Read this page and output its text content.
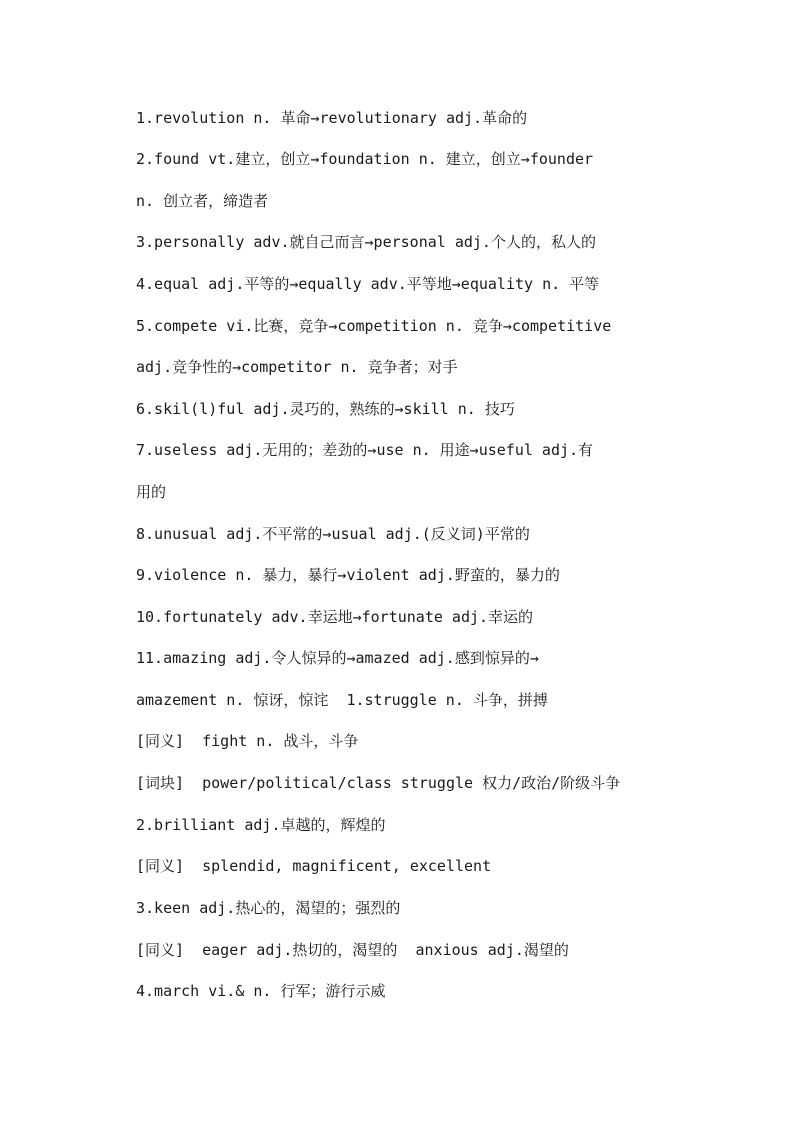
1.revolution n. 革命→revolutionary adj.革命的
2.found vt.建立，创立→foundation n. 建立，创立→founder
n. 创立者，缔造者
3.personally adv.就自己而言→personal adj.个人的，私人的
4.equal adj.平等的→equally adv.平等地→equality n. 平等
5.compete vi.比赛，竞争→competition n. 竞争→competitive
adj.竞争性的→competitor n. 竞争者；对手
6.skil(l)ful adj.灵巧的，熟练的→skill n. 技巧
7.useless adj.无用的；差劲的→use n. 用途→useful adj.有
用的
8.unusual adj.不平常的→usual adj.(反义词)平常的
9.violence n. 暴力，暴行→violent adj.野蛮的，暴力的
10.fortunately adv.幸运地→fortunate adj.幸运的
11.amazing adj.令人惊异的→amazed adj.感到惊异的→
amazement n. 惊讶，惊诧  1.struggle n. 斗争，拼搏
[同义]  fight n. 战斗，斗争
[词块]  power/political/class struggle 权力/政治/阶级斗争
2.brilliant adj.卓越的，辉煌的
[同义]  splendid, magnificent, excellent
3.keen adj.热心的，渴望的；强烈的
[同义]  eager adj.热切的，渴望的  anxious adj.渴望的
4.march vi.& n. 行军；游行示威
